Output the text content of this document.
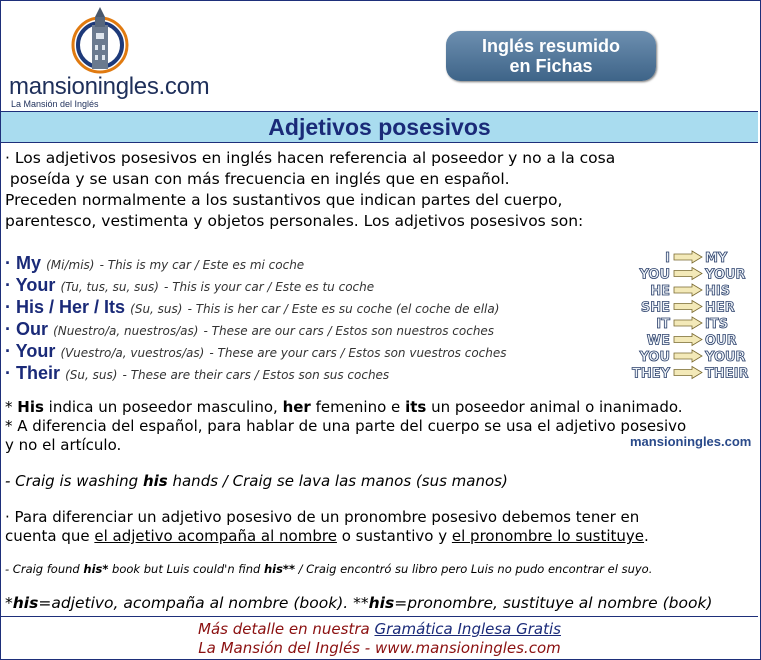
mansioningles.com
La Mansión del Inglés
Inglés resumido
en Fichas
Adjetivos posesivos

· Los adjetivos posesivos en inglés hacen referencia al poseedor y no a la cosa

poseída y se usan con más frecuencia en inglés que en español.

Preceden normalmente a los sustantivos que indican partes del cuerpo,

parentesco, vestimenta y objetos personales. Los adjetivos posesivos son:

· My (Mi/mis) - This is my car / Este es mi coche
· Your (Tu, tus, su, sus) - This is your car / Este es tu coche
· His / Her / Its (Su, sus) - This is her car / Este es su coche (el coche de ella)
· Our (Nuestro/a, nuestros/as) - These are our cars / Estos son nuestros coches
· Your (Vuestro/a, vuestros/as) - These are your cars / Estos son vuestros coches
· Their (Su, sus) - These are their cars / Estos son sus coches
I	MY
YOU	YOUR
HE	HIS
SHE	HER
IT	ITS
WE	OUR
YOU	YOUR
THEY	THEIR
mansioningles.com
* His indica un poseedor masculino, her femenino e its un poseedor animal o inanimado.
* A diferencia del español, para hablar de una parte del cuerpo se usa el adjetivo posesivo
y no el artículo.
- Craig is washing his hands / Craig se lava las manos (sus manos)
· Para diferenciar un adjetivo posesivo de un pronombre posesivo debemos tener en
cuenta que el adjetivo acompaña al nombre o sustantivo y el pronombre lo sustituye.
- Craig found his* book but Luis could'n find his** / Craig encontró su libro pero Luis no pudo encontrar el suyo.
*his=adjetivo, acompaña al nombre (book). **his=pronombre, sustituye al nombre (book)
Más detalle en nuestra Gramática Inglesa Gratis
La Mansión del Inglés - www.mansioningles.com
